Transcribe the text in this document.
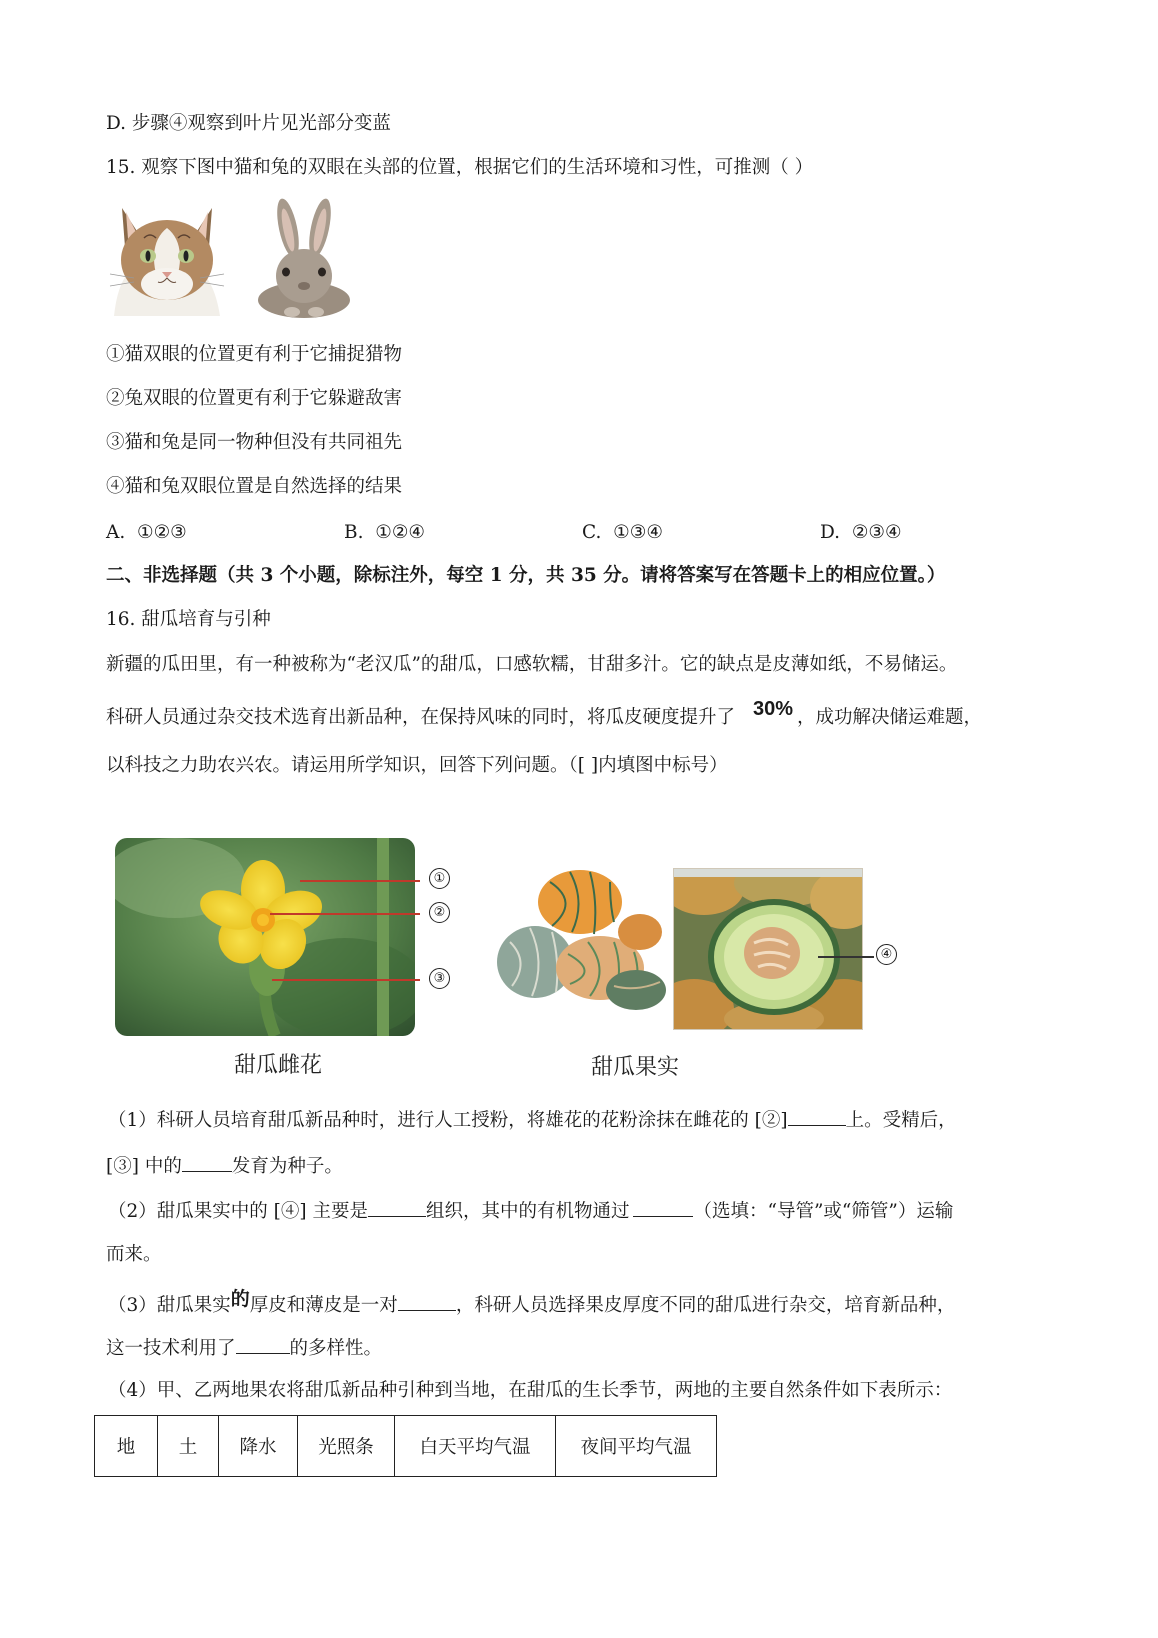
D. 步骤④观察到叶片见光部分变蓝
15. 观察下图中猫和兔的双眼在头部的位置，根据它们的生活环境和习性，可推测（ ）
①猫双眼的位置更有利于它捕捉猎物
②兔双眼的位置更有利于它躲避敌害
③猫和兔是同一物种但没有共同祖先
④猫和兔双眼位置是自然选择的结果
A. ①②③	B. ①②④	C. ①③④	D. ②③④
二、非选择题（共 3 个小题，除标注外，每空 1 分，共 35 分。请将答案写在答题卡上的相应位置。）
16. 甜瓜培育与引种
新疆的瓜田里，有一种被称为“老汉瓜”的甜瓜，口感软糯，甘甜多汁。它的缺点是皮薄如纸，不易储运。
科研人员通过杂交技术选育出新品种，在保持风味的同时，将瓜皮硬度提升了 30% ，成功解决储运难题，
以科技之力助农兴农。请运用所学知识，回答下列问题。（[ ]内填图中标号）
①
②
③
甜瓜雌花
④
甜瓜果实
（1）科研人员培育甜瓜新品种时，进行人工授粉，将雄花的花粉涂抹在雌花的 [②]	上。受精后，
[③] 中的	发育为种子。
（2）甜瓜果实中的 [④] 主要是	组织，其中的有机物通过	（选填：“导管”或“筛管”）运输
而来。
（3）甜瓜果实的厚皮和薄皮是一对	，科研人员选择果皮厚度不同的甜瓜进行杂交，培育新品种，
这一技术利用了	的多样性。
（4）甲、乙两地果农将甜瓜新品种引种到当地，在甜瓜的生长季节，两地的主要自然条件如下表所示：
地	土	降水	光照条	白天平均气温	夜间平均气温
